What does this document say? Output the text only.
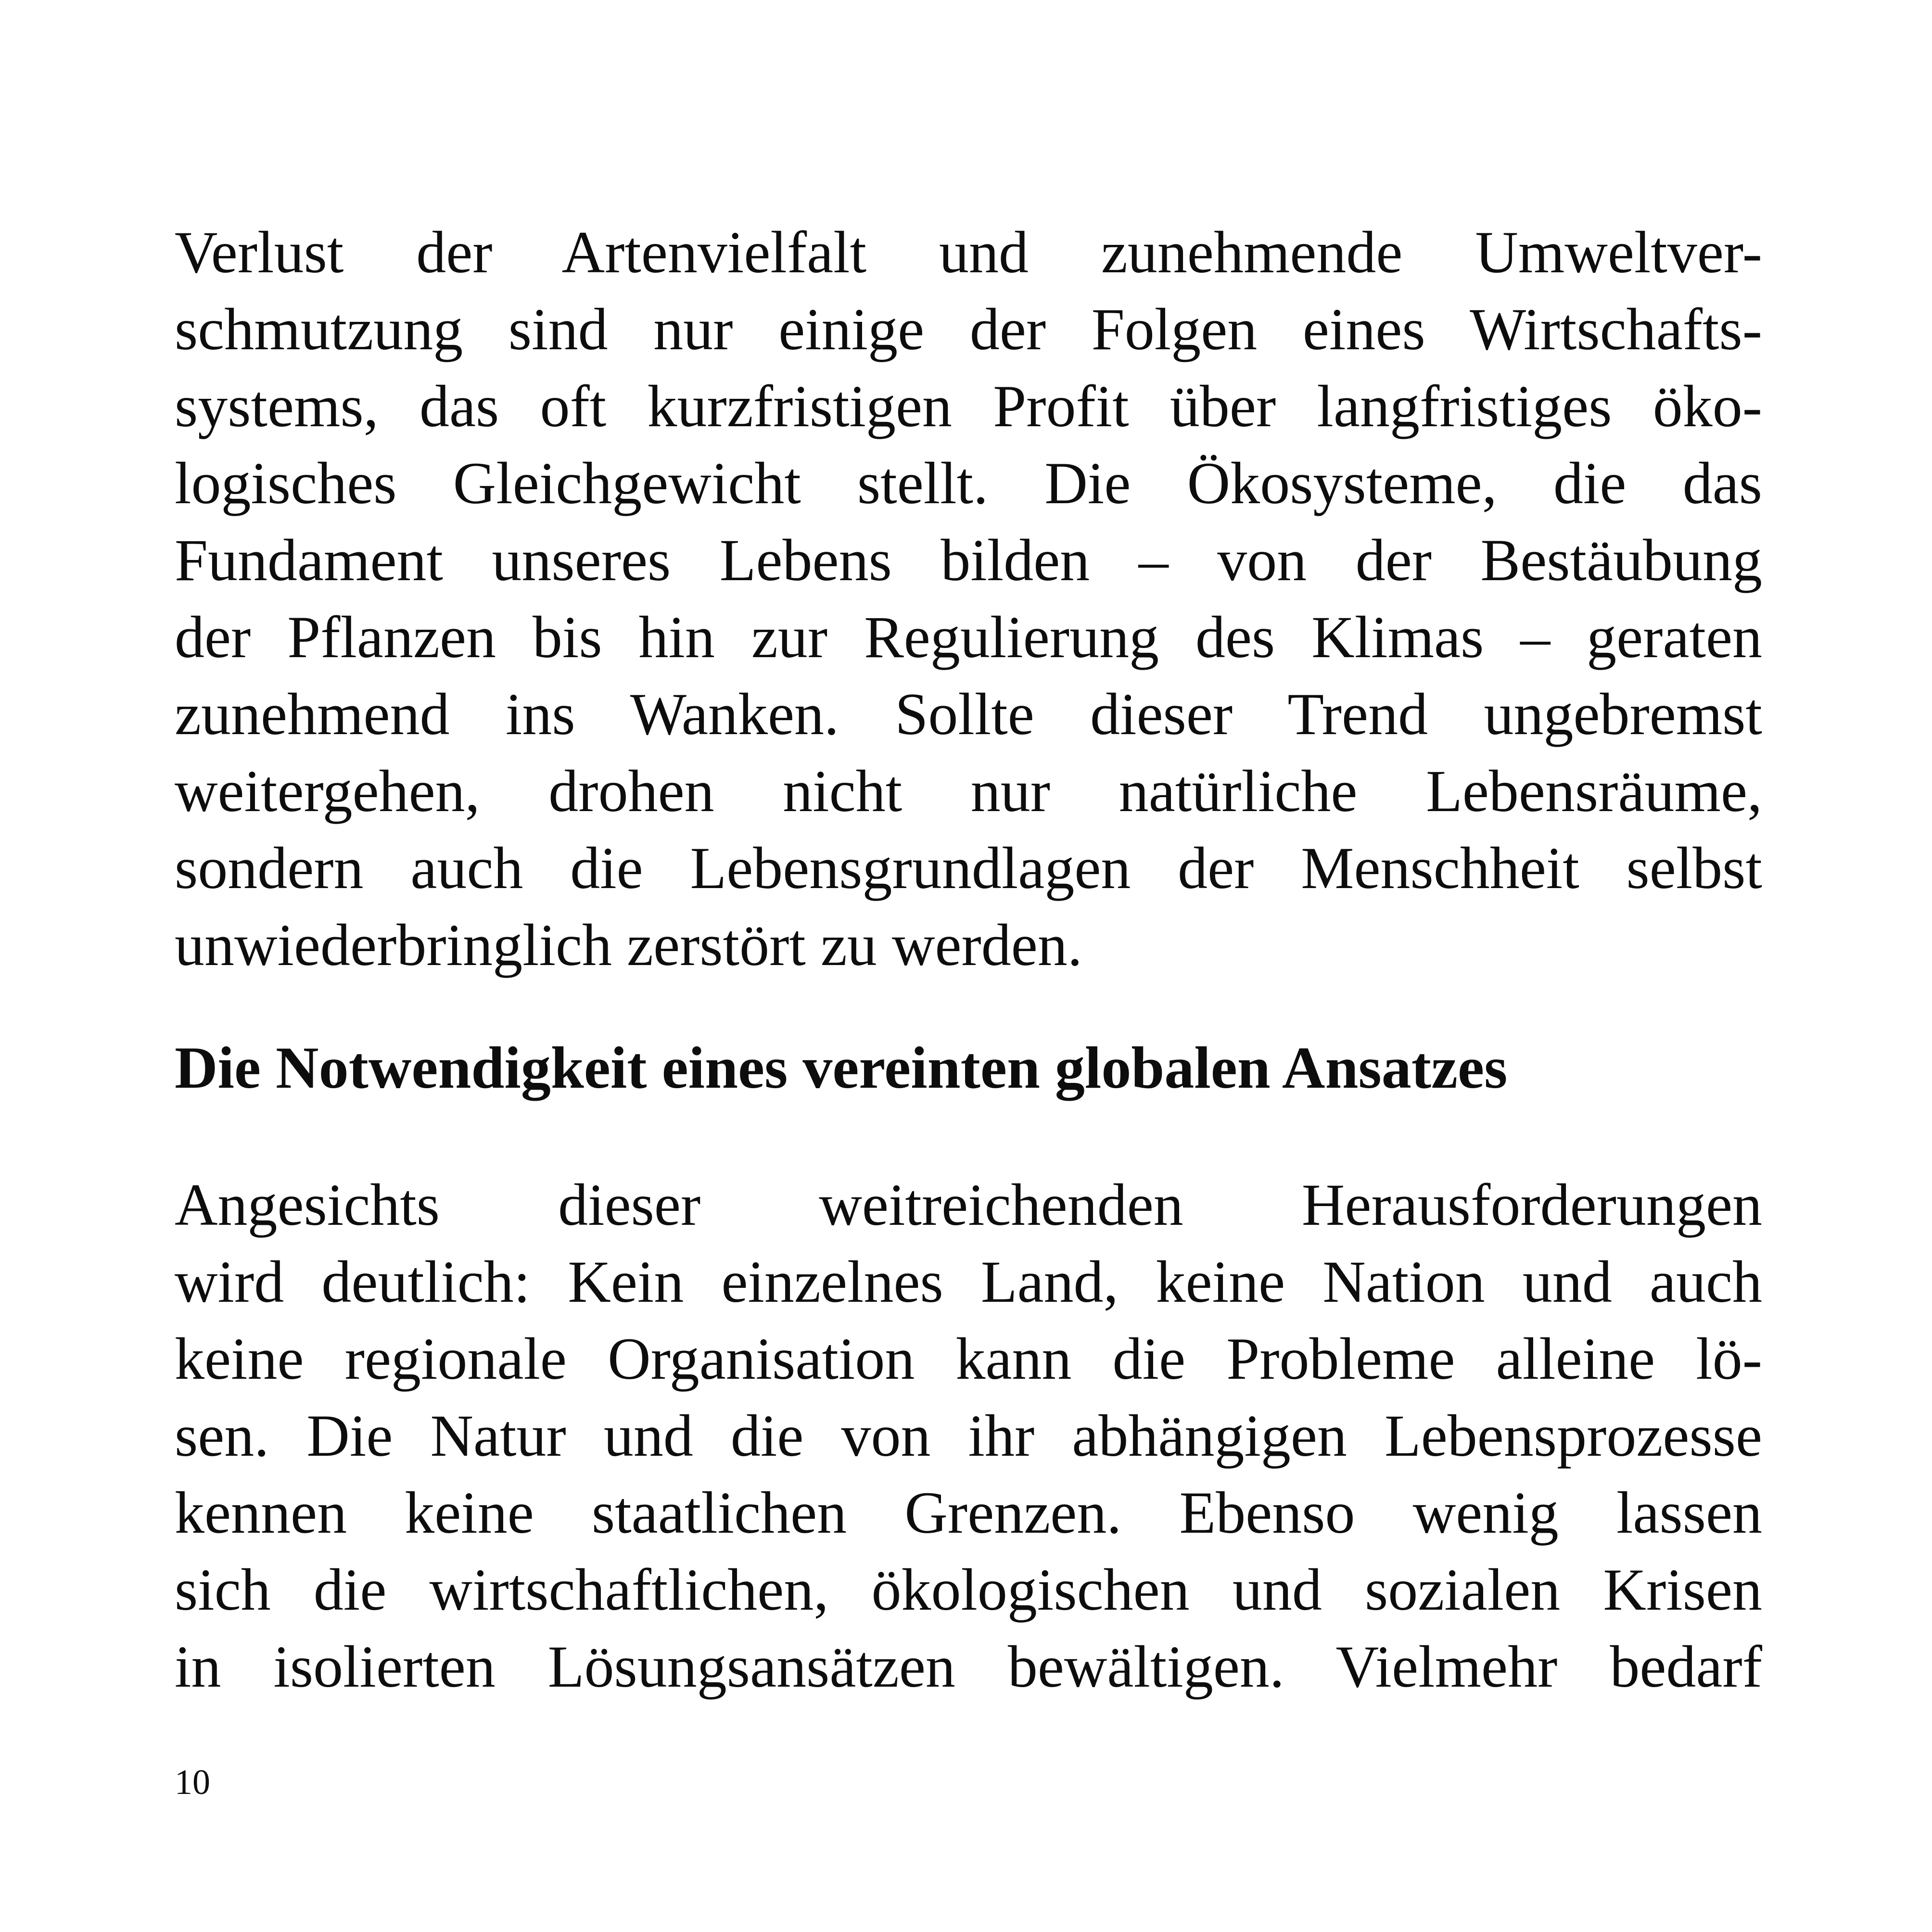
Verlust der Artenvielfalt und zunehmende Umweltver-
schmutzung sind nur einige der Folgen eines Wirtschafts-
systems, das oft kurzfristigen Profit über langfristiges öko-
logisches Gleichgewicht stellt. Die Ökosysteme, die das
Fundament unseres Lebens bilden – von der Bestäubung
der Pflanzen bis hin zur Regulierung des Klimas – geraten
zunehmend ins Wanken. Sollte dieser Trend ungebremst
weitergehen, drohen nicht nur natürliche Lebensräume,
sondern auch die Lebensgrundlagen der Menschheit selbst
unwiederbringlich zerstört zu werden.
Die Notwendigkeit eines vereinten globalen Ansatzes
Angesichts dieser weitreichenden Herausforderungen
wird deutlich: Kein einzelnes Land, keine Nation und auch
keine regionale Organisation kann die Probleme alleine lö-
sen. Die Natur und die von ihr abhängigen Lebensprozesse
kennen keine staatlichen Grenzen. Ebenso wenig lassen
sich die wirtschaftlichen, ökologischen und sozialen Krisen
in isolierten Lösungsansätzen bewältigen. Vielmehr bedarf
10
